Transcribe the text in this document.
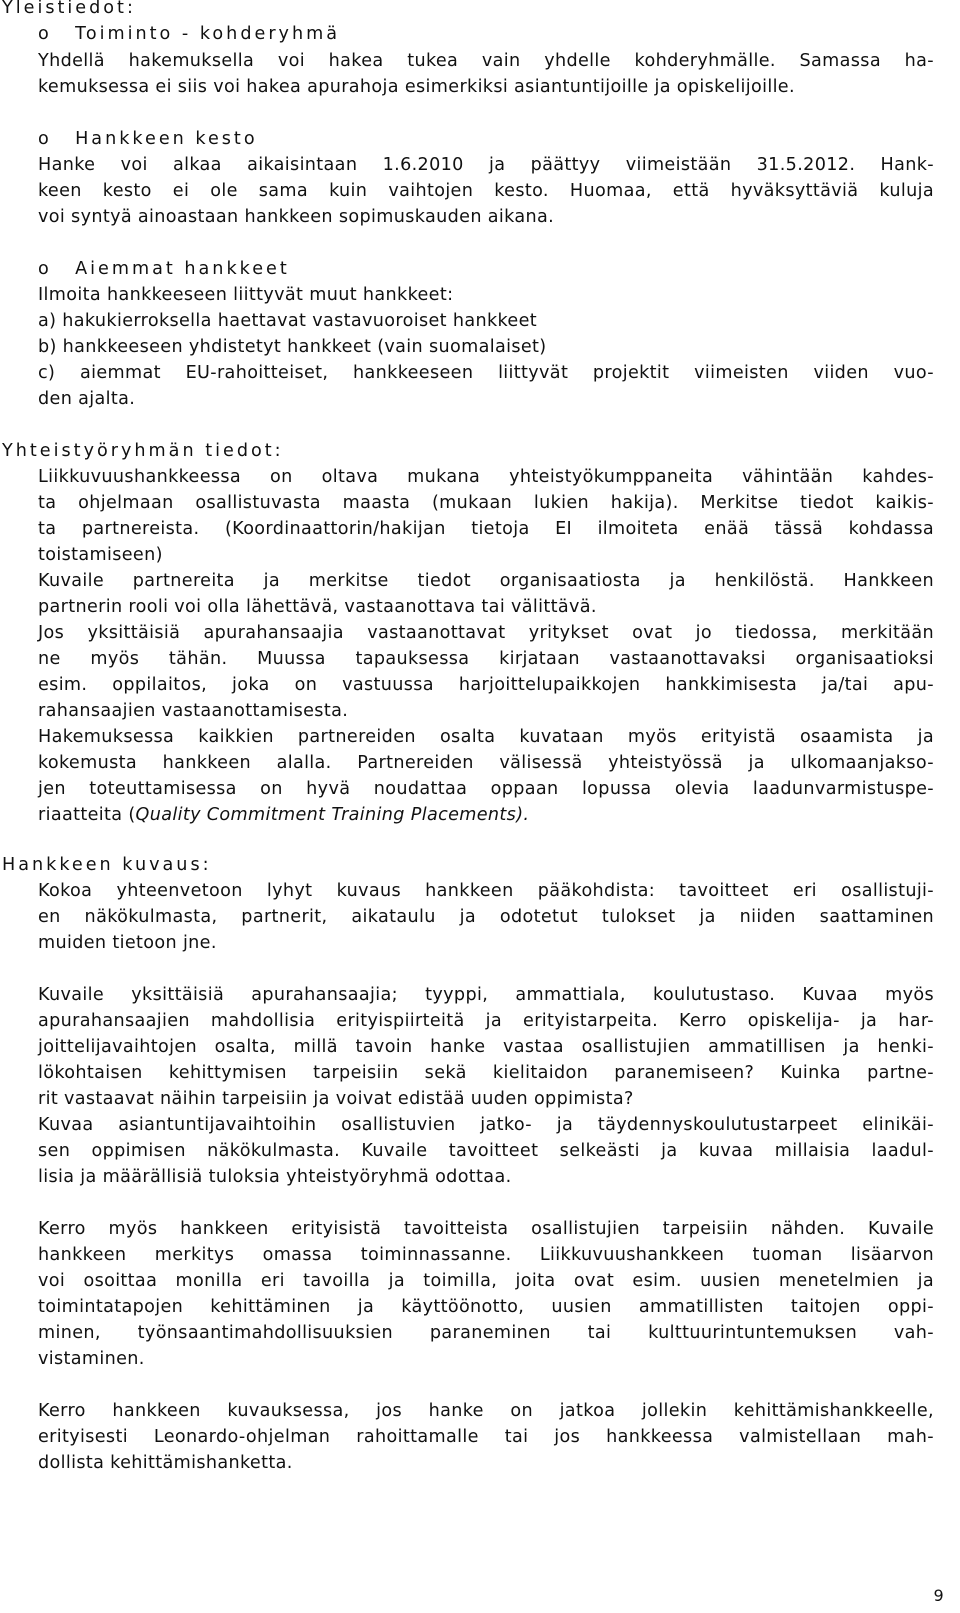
Yleistiedot:
o Toiminto - kohderyhmä
Yhdellä hakemuksella voi hakea tukea vain yhdelle kohderyhmälle. Samassa ha-
kemuksessa ei siis voi hakea apurahoja esimerkiksi asiantuntijoille ja opiskelijoille.
o Hankkeen kesto
Hanke voi alkaa aikaisintaan 1.6.2010 ja päättyy viimeistään 31.5.2012. Hank-
keen kesto ei ole sama kuin vaihtojen kesto. Huomaa, että hyväksyttäviä kuluja
voi syntyä ainoastaan hankkeen sopimuskauden aikana.
o Aiemmat hankkeet
Ilmoita hankkeeseen liittyvät muut hankkeet:
a) hakukierroksella haettavat vastavuoroiset hankkeet
b) hankkeeseen yhdistetyt hankkeet (vain suomalaiset)
c) aiemmat EU-rahoitteiset, hankkeeseen liittyvät projektit viimeisten viiden vuo-
den ajalta.
Yhteistyöryhmän tiedot:
Liikkuvuushankkeessa on oltava mukana yhteistyökumppaneita vähintään kahdes-
ta ohjelmaan osallistuvasta maasta (mukaan lukien hakija). Merkitse tiedot kaikis-
ta partnereista. (Koordinaattorin/hakijan tietoja EI ilmoiteta enää tässä kohdassa
toistamiseen)
Kuvaile partnereita ja merkitse tiedot organisaatiosta ja henkilöstä. Hankkeen
partnerin rooli voi olla lähettävä, vastaanottava tai välittävä.
Jos yksittäisiä apurahansaajia vastaanottavat yritykset ovat jo tiedossa, merkitään
ne myös tähän. Muussa tapauksessa kirjataan vastaanottavaksi organisaatioksi
esim. oppilaitos, joka on vastuussa harjoittelupaikkojen hankkimisesta ja/tai apu-
rahansaajien vastaanottamisesta.
Hakemuksessa kaikkien partnereiden osalta kuvataan myös erityistä osaamista ja
kokemusta hankkeen alalla. Partnereiden välisessä yhteistyössä ja ulkomaanjakso-
jen toteuttamisessa on hyvä noudattaa oppaan lopussa olevia laadunvarmistuspe-
riaatteita (Quality Commitment Training Placements).
Hankkeen kuvaus:
Kokoa yhteenvetoon lyhyt kuvaus hankkeen pääkohdista: tavoitteet eri osallistuji-
en näkökulmasta, partnerit, aikataulu ja odotetut tulokset ja niiden saattaminen
muiden tietoon jne.
Kuvaile yksittäisiä apurahansaajia; tyyppi, ammattiala, koulutustaso. Kuvaa myös
apurahansaajien mahdollisia erityispiirteitä ja erityistarpeita. Kerro opiskelija- ja har-
joittelijavaihtojen osalta, millä tavoin hanke vastaa osallistujien ammatillisen ja henki-
lökohtaisen kehittymisen tarpeisiin sekä kielitaidon paranemiseen? Kuinka partne-
rit vastaavat näihin tarpeisiin ja voivat edistää uuden oppimista?
Kuvaa asiantuntijavaihtoihin osallistuvien jatko- ja täydennyskoulutustarpeet elinikäi-
sen oppimisen näkökulmasta. Kuvaile tavoitteet selkeästi ja kuvaa millaisia laadul-
lisia ja määrällisiä tuloksia yhteistyöryhmä odottaa.
Kerro myös hankkeen erityisistä tavoitteista osallistujien tarpeisiin nähden. Kuvaile
hankkeen merkitys omassa toiminnassanne. Liikkuvuushankkeen tuoman lisäarvon
voi osoittaa monilla eri tavoilla ja toimilla, joita ovat esim. uusien menetelmien ja
toimintatapojen kehittäminen ja käyttöönotto, uusien ammatillisten taitojen oppi-
minen, työnsaantimahdollisuuksien paraneminen tai kulttuurintuntemuksen vah-
vistaminen.
Kerro hankkeen kuvauksessa, jos hanke on jatkoa jollekin kehittämishankkeelle,
erityisesti Leonardo-ohjelman rahoittamalle tai jos hankkeessa valmistellaan mah-
dollista kehittämishanketta.
9
